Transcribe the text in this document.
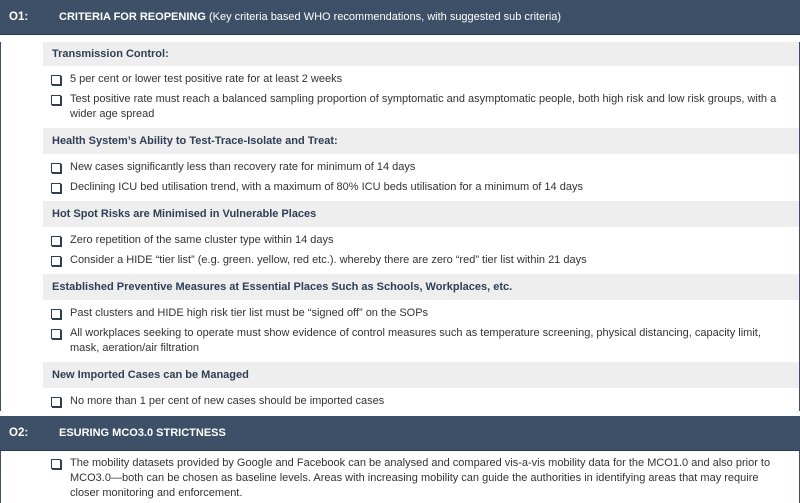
O1:	CRITERIA FOR REOPENING (Key criteria based WHO recommendations, with suggested sub criteria)
Transmission Control:
5 per cent or lower test positive rate for at least 2 weeks
Test positive rate must reach a balanced sampling proportion of symptomatic and asymptomatic people, both high risk and low risk groups, with a wider age spread
Health System’s Ability to Test-Trace-Isolate and Treat:
New cases significantly less than recovery rate for minimum of 14 days
Declining ICU bed utilisation trend, with a maximum of 80% ICU beds utilisation for a minimum of 14 days
Hot Spot Risks are Minimised in Vulnerable Places
Zero repetition of the same cluster type within 14 days
Consider a HIDE “tier list” (e.g. green. yellow, red etc.). whereby there are zero “red” tier list within 21 days
Established Preventive Measures at Essential Places Such as Schools, Workplaces, etc.
Past clusters and HIDE high risk tier list must be “signed off” on the SOPs
All workplaces seeking to operate must show evidence of control measures such as temperature screening, physical distancing, capacity limit, mask, aeration/air filtration
New Imported Cases can be Managed
No more than 1 per cent of new cases should be imported cases
O2:	ESURING MCO3.0 STRICTNESS
The mobility datasets provided by Google and Facebook can be analysed and compared vis-a-vis mobility data for the MCO1.0 and also prior to MCO3.0—both can be chosen as baseline levels. Areas with increasing mobility can guide the authorities in identifying areas that may require closer monitoring and enforcement.
